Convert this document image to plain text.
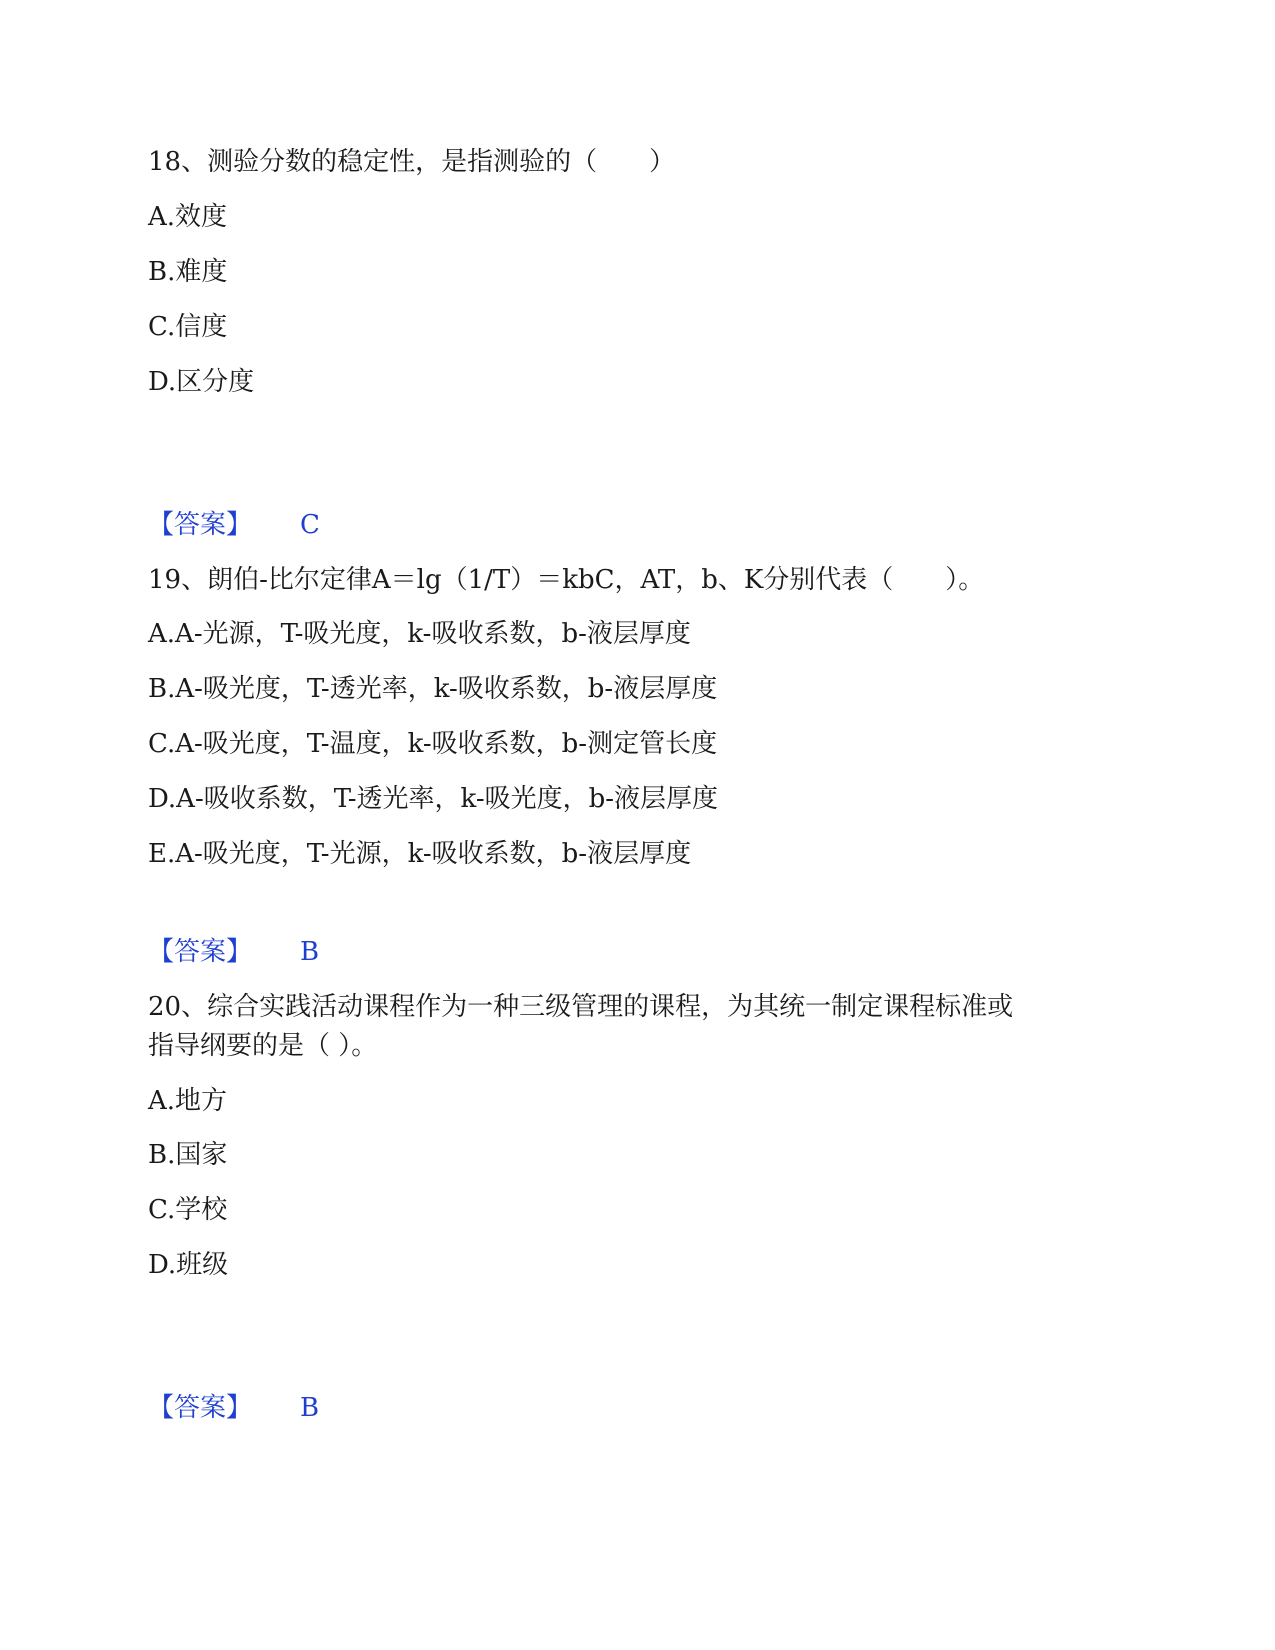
18、测验分数的稳定性，是指测验的（　　）
A.效度
B.难度
C.信度
D.区分度
【答案】 C
19、朗伯-比尔定律A＝lg（1/T）＝kbC，AT，b、K分别代表（　　）。
A.A-光源，T-吸光度，k-吸收系数，b-液层厚度
B.A-吸光度，T-透光率，k-吸收系数，b-液层厚度
C.A-吸光度，T-温度，k-吸收系数，b-测定管长度
D.A-吸收系数，T-透光率，k-吸光度，b-液层厚度
E.A-吸光度，T-光源，k-吸收系数，b-液层厚度
【答案】 B
20、综合实践活动课程作为一种三级管理的课程，为其统一制定课程标准或
指导纲要的是（ ）。
A.地方
B.国家
C.学校
D.班级
【答案】 B
